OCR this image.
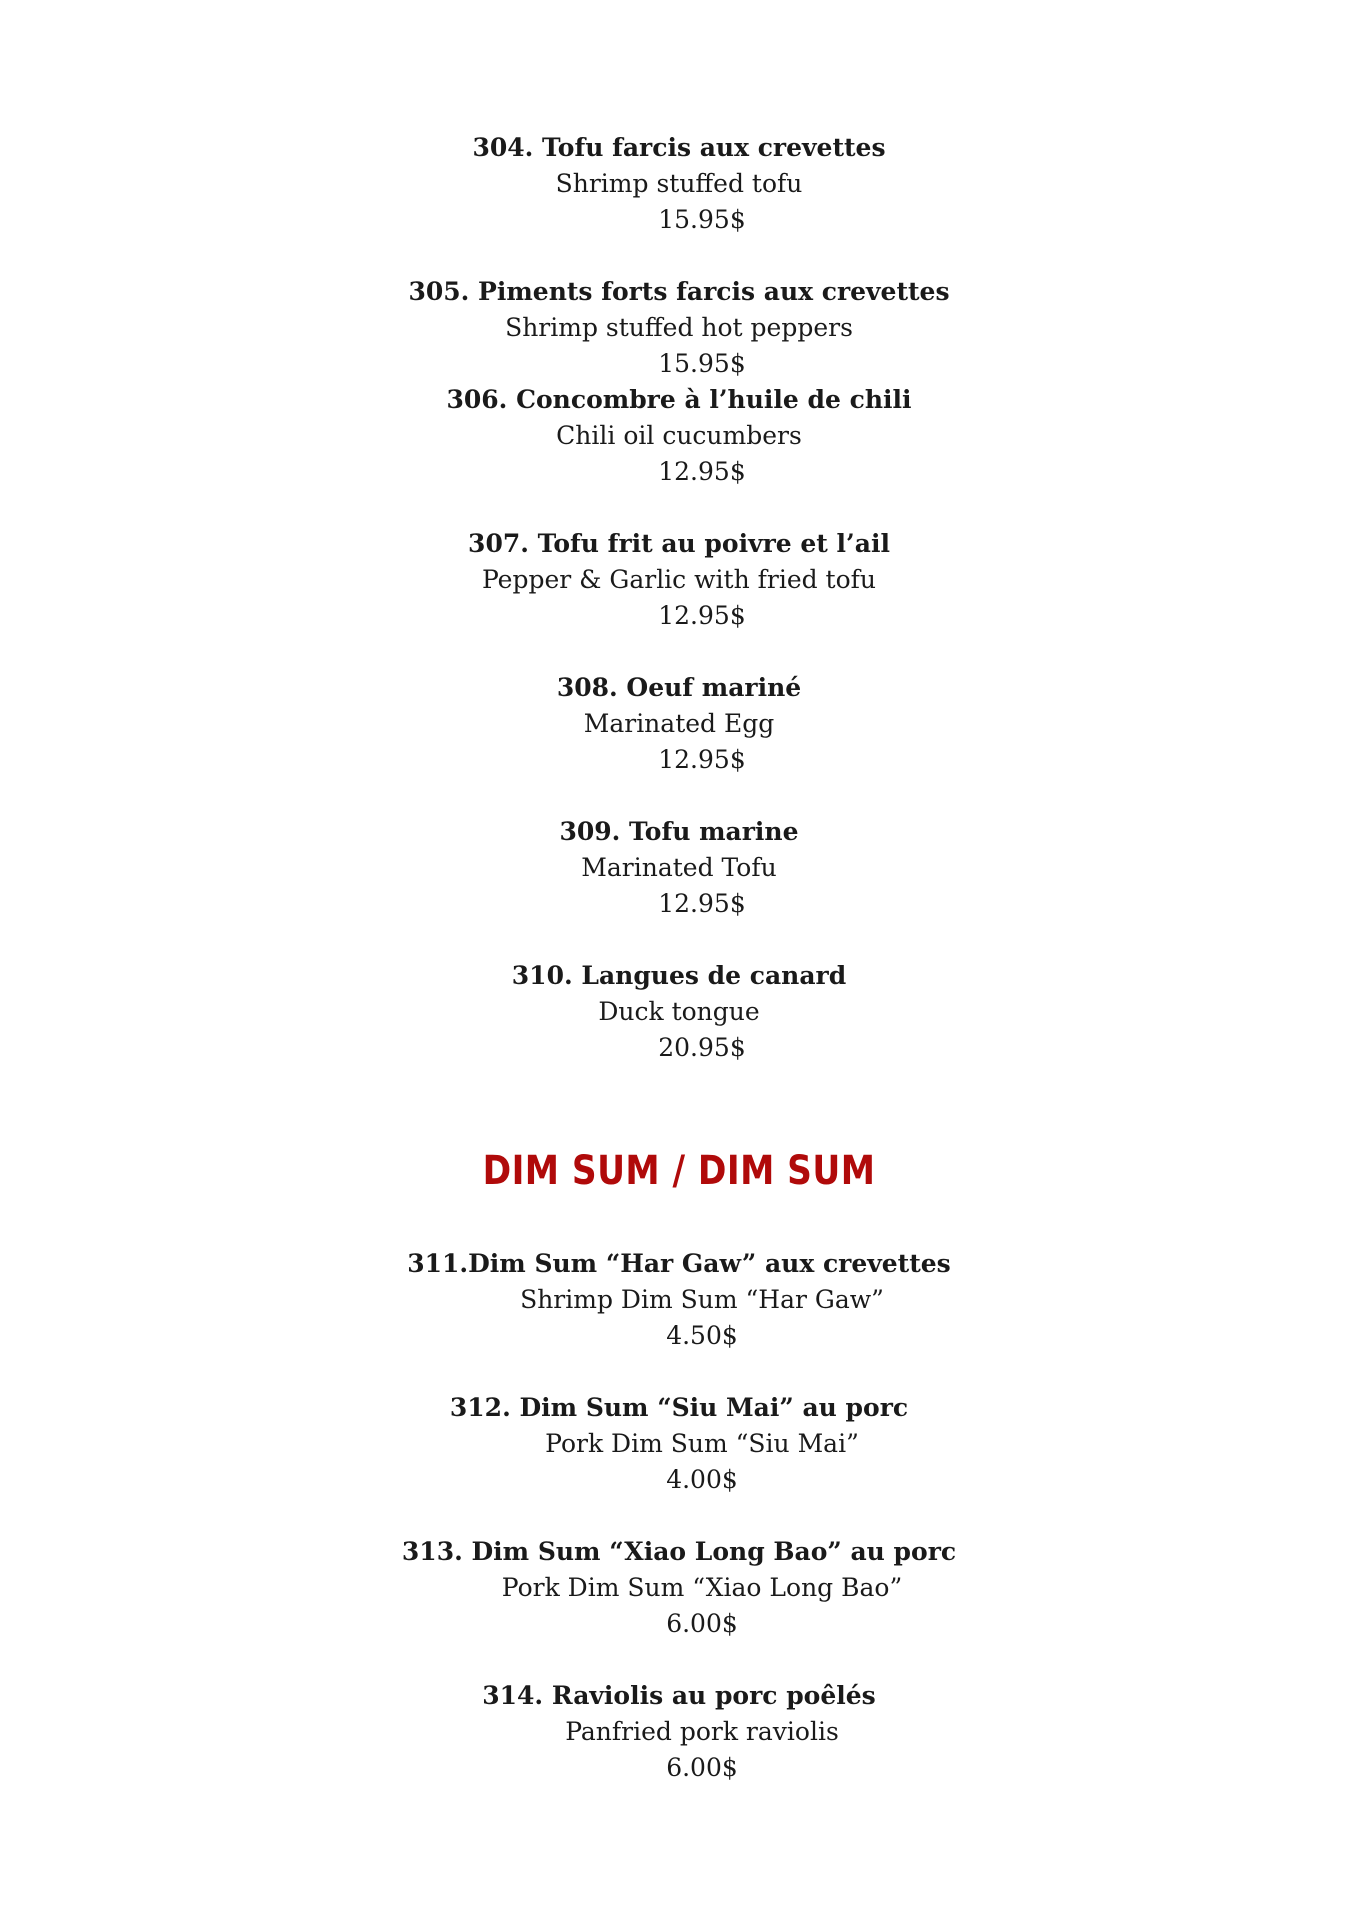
304. Tofu farcis aux crevettes
Shrimp stuffed tofu
15.95$
305. Piments forts farcis aux crevettes
Shrimp stuffed hot peppers
15.95$
306. Concombre à l’huile de chili
Chili oil cucumbers
12.95$
307. Tofu frit au poivre et l’ail
Pepper & Garlic with fried tofu
12.95$
308. Oeuf mariné
Marinated Egg
12.95$
309. Tofu marine
Marinated Tofu
12.95$
310. Langues de canard
Duck tongue
20.95$
DIM SUM / DIM SUM
311.Dim Sum “Har Gaw” aux crevettes
Shrimp Dim Sum “Har Gaw”
4.50$
312. Dim Sum “Siu Mai” au porc
Pork Dim Sum “Siu Mai”
4.00$
313. Dim Sum “Xiao Long Bao” au porc
Pork Dim Sum “Xiao Long Bao”
6.00$
314. Raviolis au porc poêlés
Panfried pork raviolis
6.00$
